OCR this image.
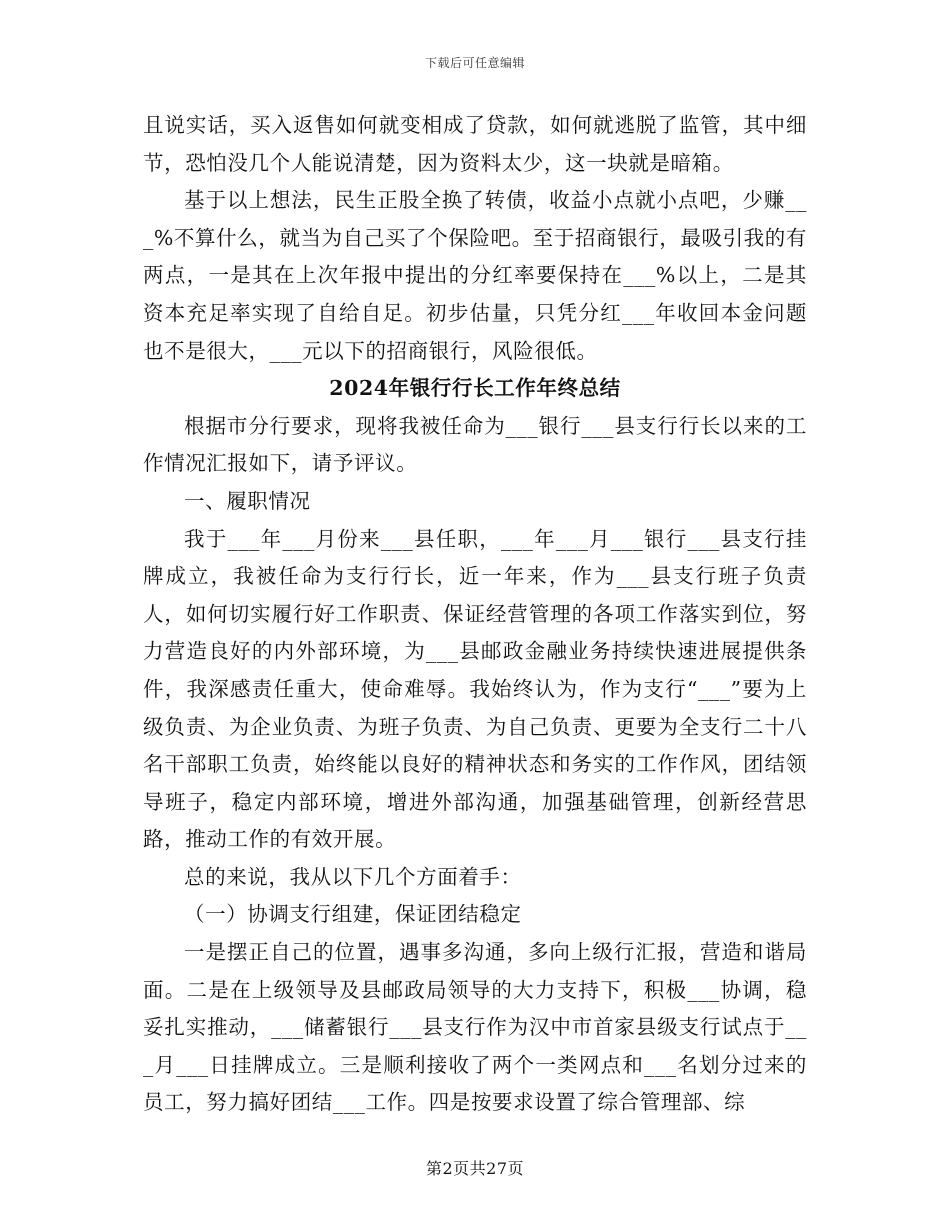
下载后可任意编辑

且说实话，买入返售如何就变相成了贷款，如何就逃脱了监管，其中细节，恐怕没几个人能说清楚，因为资料太少，这一块就是暗箱。

基于以上想法，民生正股全换了转债，收益小点就小点吧，少赚___%不算什么，就当为自己买了个保险吧。至于招商银行，最吸引我的有两点，一是其在上次年报中提出的分红率要保持在___%以上，二是其资本充足率实现了自给自足。初步估量，只凭分红___年收回本金问题也不是很大，___元以下的招商银行，风险很低。

2024年银行行长工作年终总结

根据市分行要求，现将我被任命为___银行___县支行行长以来的工作情况汇报如下，请予评议。

一、履职情况

我于___年___月份来___县任职，___年___月___银行___县支行挂牌成立，我被任命为支行行长，近一年来，作为___县支行班子负责人，如何切实履行好工作职责、保证经营管理的各项工作落实到位，努力营造良好的内外部环境，为___县邮政金融业务持续快速进展提供条件，我深感责任重大，使命难辱。我始终认为，作为支行“___”要为上级负责、为企业负责、为班子负责、为自己负责、更要为全支行二十八名干部职工负责，始终能以良好的精神状态和务实的工作作风，团结领导班子，稳定内部环境，增进外部沟通，加强基础管理，创新经营思路，推动工作的有效开展。

总的来说，我从以下几个方面着手：

（一）协调支行组建，保证团结稳定

一是摆正自己的位置，遇事多沟通，多向上级行汇报，营造和谐局面。二是在上级领导及县邮政局领导的大力支持下，积极___协调，稳妥扎实推动，___储蓄银行___县支行作为汉中市首家县级支行试点于___月___日挂牌成立。三是顺利接收了两个一类网点和___名划分过来的员工，努力搞好团结___工作。四是按要求设置了综合管理部、综

第2页共27页
